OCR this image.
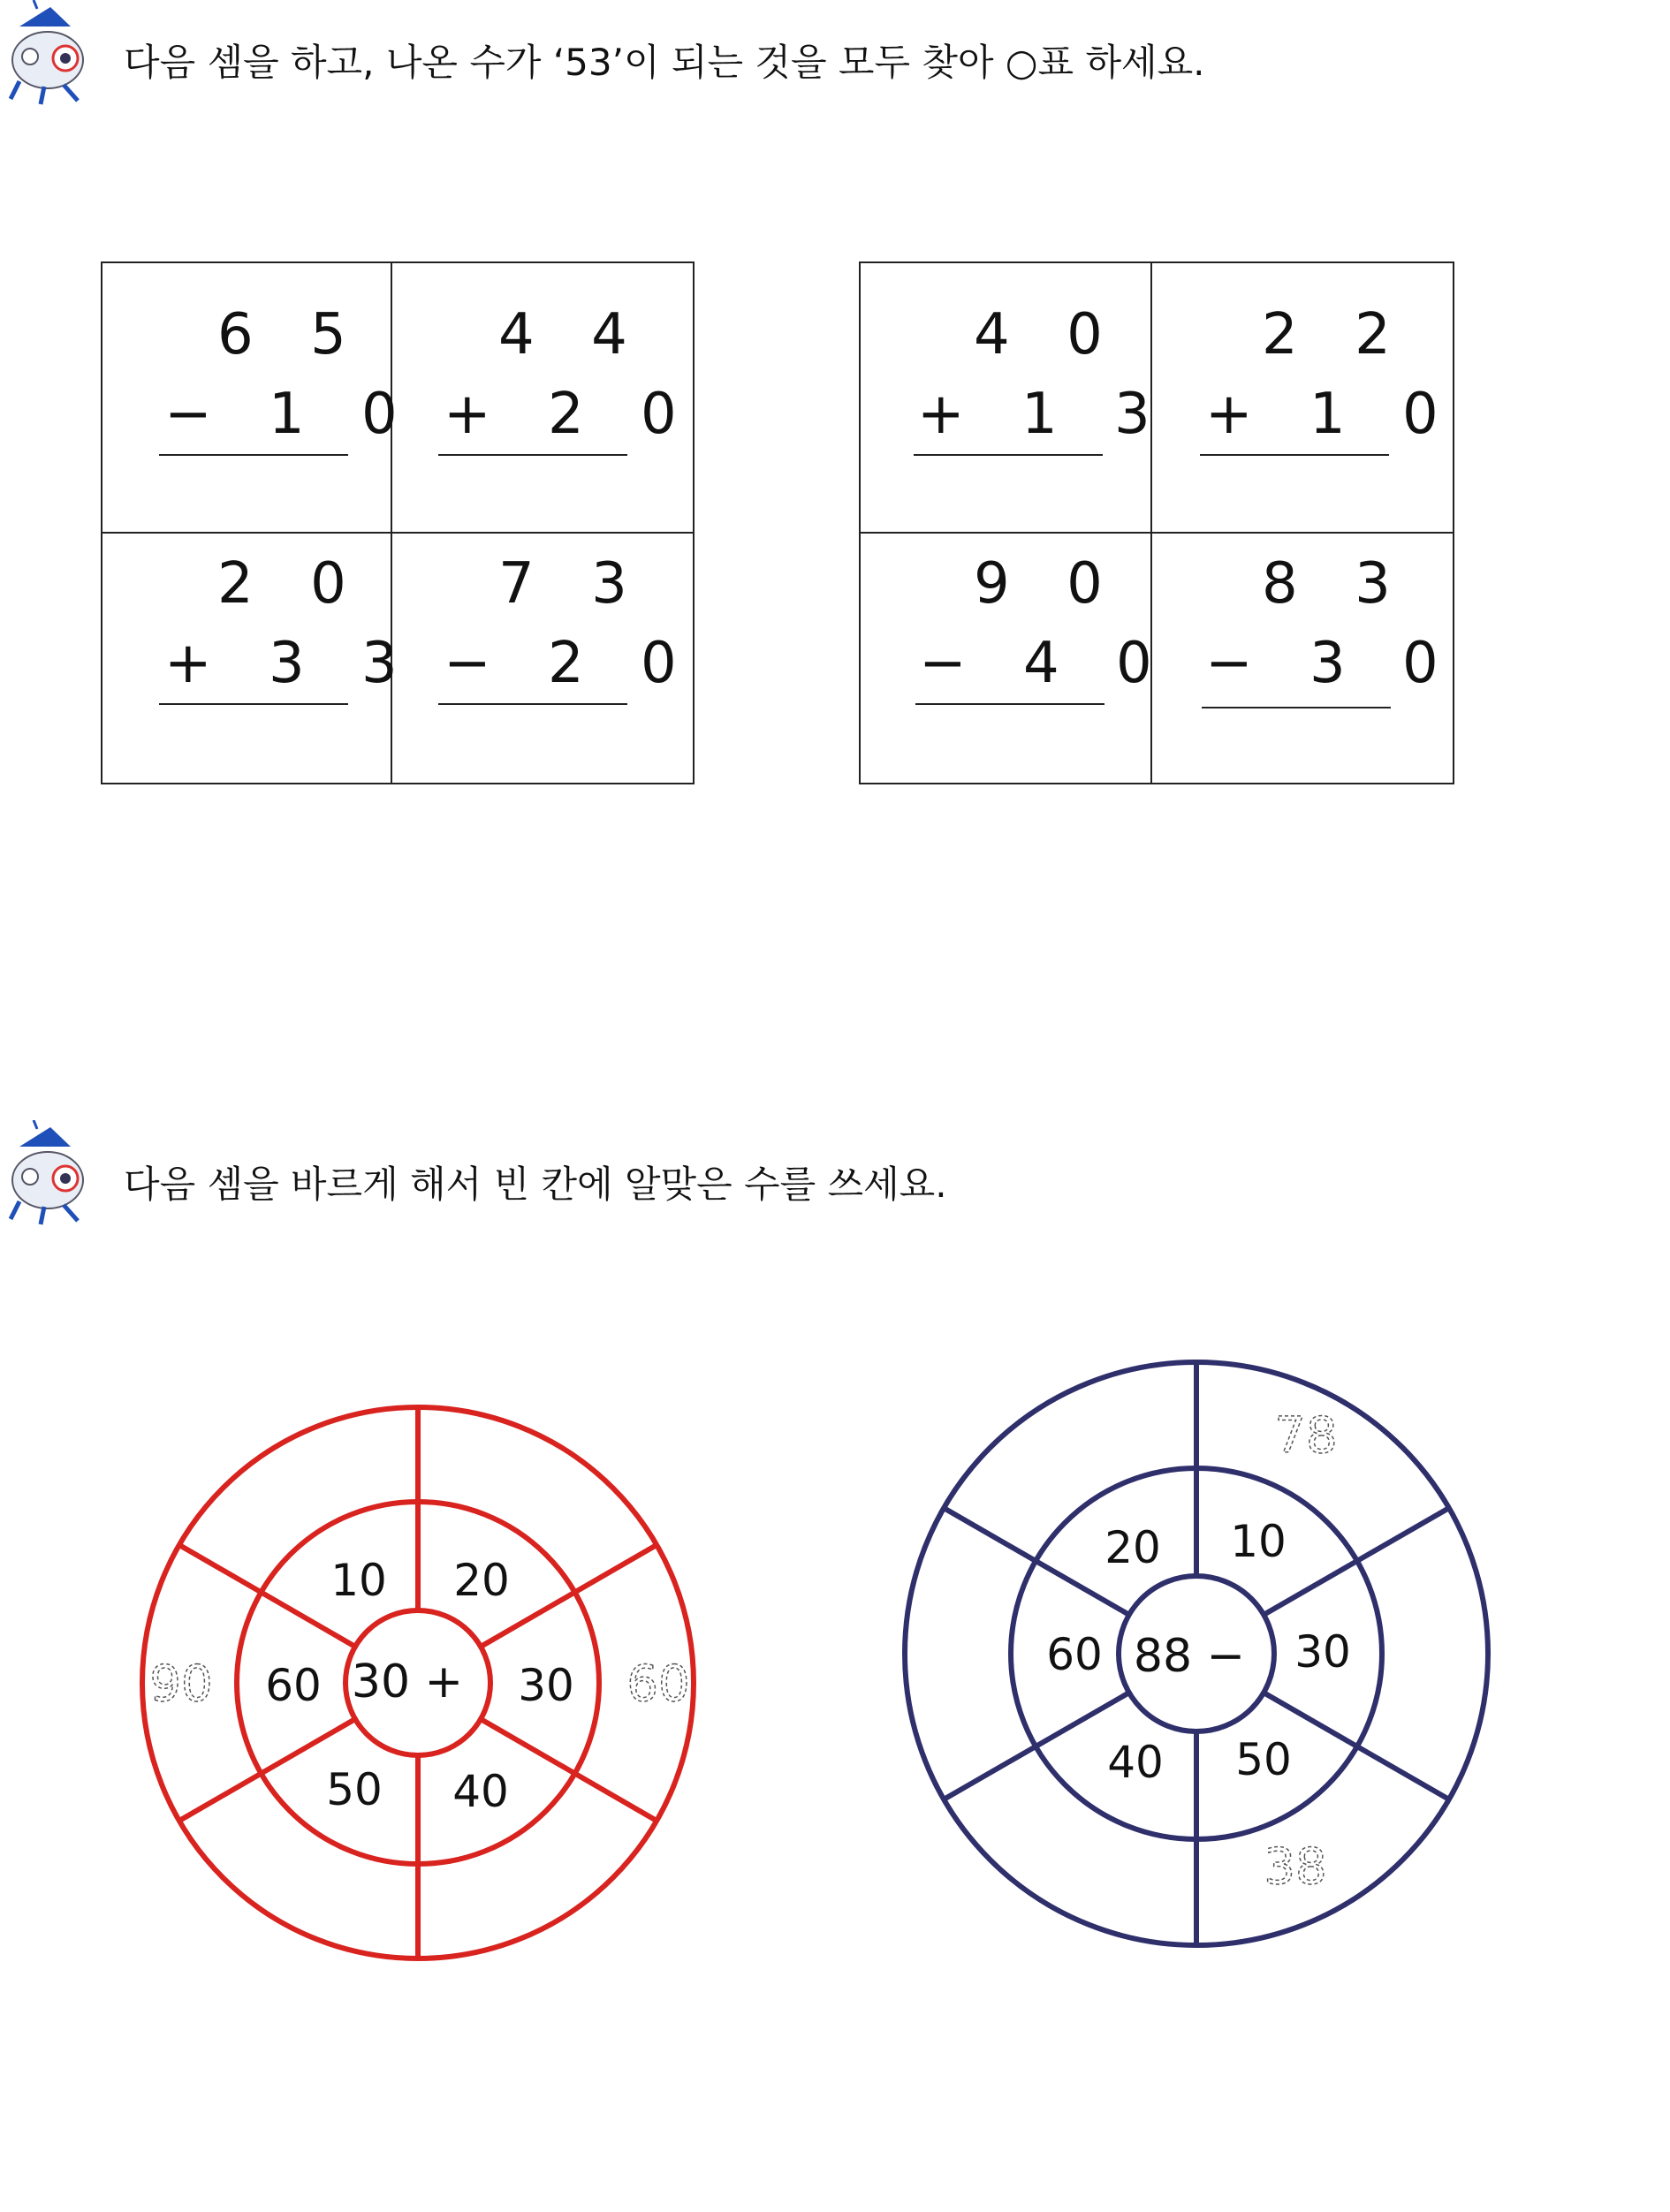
다음 셈을 하고, 나온 수가 ‘53’이 되는 것을 모두 찾아 ○표 하세요.
6 5
− 1 0
4 4
+ 2 0
2 0
+ 3 3
7 3
− 2 0
4 0
+ 1 3
2 2
+ 1 0
9 0
− 4 0
8 3
− 3 0
다음 셈을 바르게 해서 빈 칸에 알맞은 수를 쓰세요.
30 +
10 20
30
40
50
60
90	60	88 −
10
30
50
40
60
20
78
38
